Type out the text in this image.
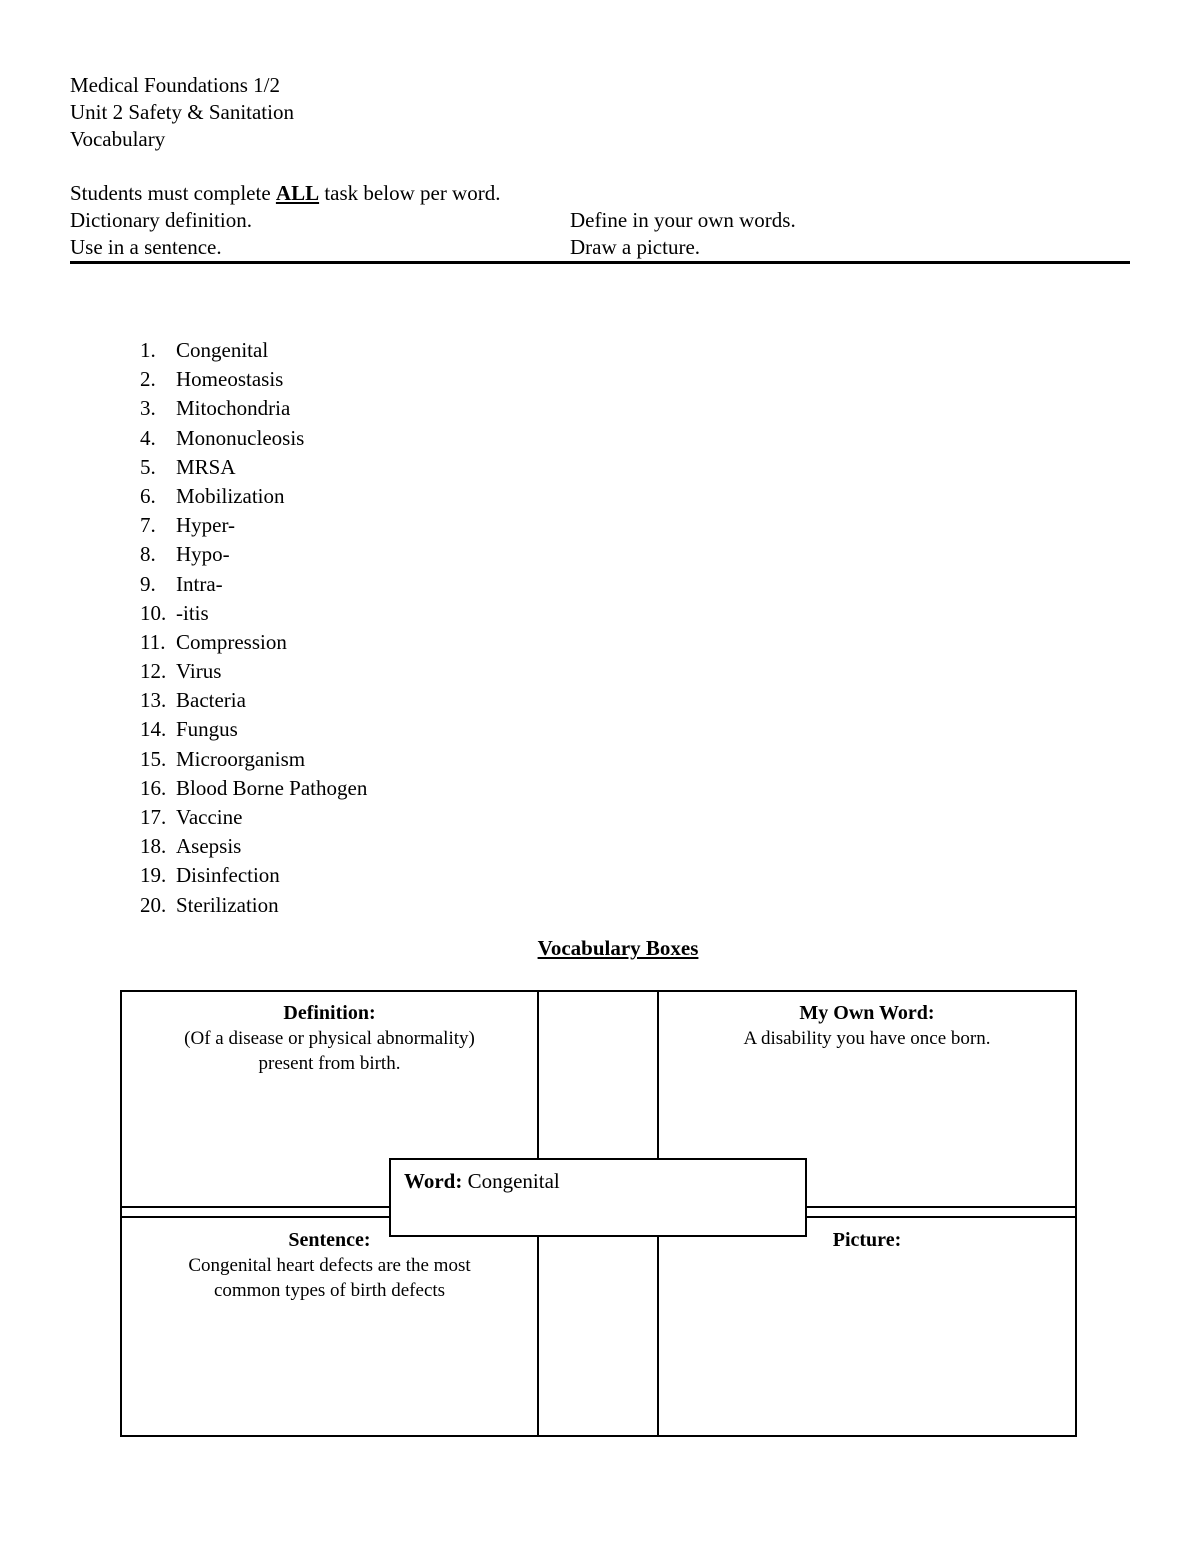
Medical Foundations 1/2
Unit 2 Safety & Sanitation
Vocabulary
Students must complete ALL task below per word.
Dictionary definition.	Define in your own words.
Use in a sentence.	Draw a picture.
1. Congenital
2. Homeostasis
3. Mitochondria
4. Mononucleosis
5. MRSA
6. Mobilization
7. Hyper-
8. Hypo-
9. Intra-
10. -itis
11. Compression
12. Virus
13. Bacteria
14. Fungus
15. Microorganism
16. Blood Borne Pathogen
17. Vaccine
18. Asepsis
19. Disinfection
20. Sterilization
Vocabulary Boxes
Definition:
(Of a disease or physical abnormality)
present from birth.
My Own Word:
A disability you have once born.
Sentence:
Congenital heart defects are the most
common types of birth defects
Picture:
Word: Congenital
